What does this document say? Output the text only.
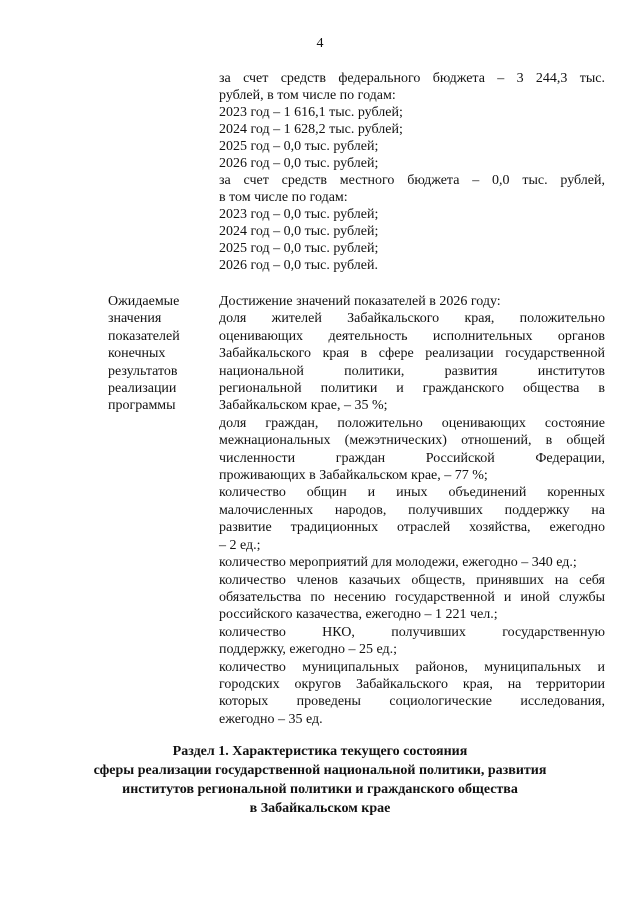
4
за счет средств федерального бюджета – 3 244,3 тыс.
рублей, в том числе по годам:
2023 год – 1 616,1 тыс. рублей;
2024 год – 1 628,2 тыс. рублей;
2025 год – 0,0 тыс. рублей;
2026 год – 0,0 тыс. рублей;
за счет средств местного бюджета – 0,0 тыс. рублей,
в том числе по годам:
2023 год – 0,0 тыс. рублей;
2024 год – 0,0 тыс. рублей;
2025 год – 0,0 тыс. рублей;
2026 год – 0,0 тыс. рублей.
Ожидаемые
значения
показателей
конечных
результатов
реализации
программы
Достижение значений показателей в 2026 году:
доля жителей Забайкальского края, положительно
оценивающих деятельность исполнительных органов
Забайкальского края в сфере реализации государственной
национальной политики, развития институтов
региональной политики и гражданского общества в
Забайкальском крае, – 35 %;
доля граждан, положительно оценивающих состояние
межнациональных (межэтнических) отношений, в общей
численности граждан Российской Федерации,
проживающих в Забайкальском крае, – 77 %;
количество общин и иных объединений коренных
малочисленных народов, получивших поддержку на
развитие традиционных отраслей хозяйства, ежегодно
– 2 ед.;
количество мероприятий для молодежи, ежегодно – 340 ед.;
количество членов казачьих обществ, принявших на себя
обязательства по несению государственной и иной службы
российского казачества, ежегодно – 1 221 чел.;
количество НКО, получивших государственную
поддержку, ежегодно – 25 ед.;
количество муниципальных районов, муниципальных и
городских округов Забайкальского края, на территории
которых проведены социологические исследования,
ежегодно – 35 ед.
Раздел 1. Характеристика текущего состояния
сферы реализации государственной национальной политики, развития
институтов региональной политики и гражданского общества
в Забайкальском крае
